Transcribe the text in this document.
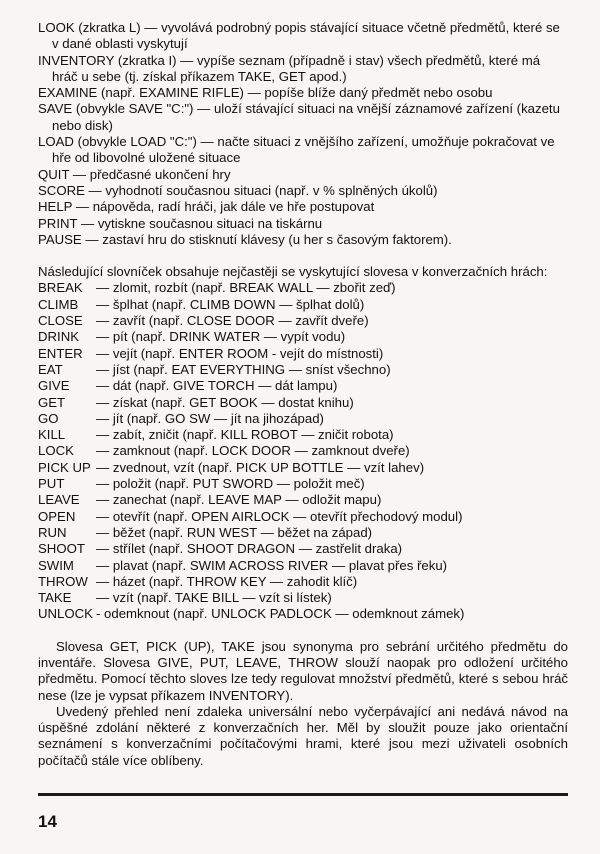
LOOK (zkratka L) — vyvolává podrobný popis stávající situace včetně předmětů, které se v dané oblasti vyskytují
INVENTORY (zkratka I) — vypíše seznam (případně i stav) všech předmětů, které má hráč u sebe (tj. získal příkazem TAKE, GET apod.)
EXAMINE (např. EXAMINE RIFLE) — popíše blíže daný předmět nebo osobu
SAVE (obvykle SAVE "C:") — uloží stávající situaci na vnější záznamové zařízení (kazetu nebo disk)
LOAD (obvykle LOAD "C:") — načte situaci z vnějšího zařízení, umožňuje pokračovat ve hře od libovolné uložené situace
QUIT — předčasné ukončení hry
SCORE — vyhodnotí současnou situaci (např. v % splněných úkolů)
HELP — nápověda, radí hráči, jak dále ve hře postupovat
PRINT — vytiskne současnou situaci na tiskárnu
PAUSE — zastaví hru do stisknutí klávesy (u her s časovým faktorem).
Následující slovníček obsahuje nejčastěji se vyskytující slovesa v konverzačních hrách:
BREAK	— zlomit, rozbít (např. BREAK WALL — zbořit zeď)
CLIMB	— šplhat (např. CLIMB DOWN — šplhat dolů)
CLOSE	— zavřít (např. CLOSE DOOR — zavřít dveře)
DRINK	— pít (např. DRINK WATER — vypít vodu)
ENTER	— vejít (např. ENTER ROOM - vejít do místnosti)
EAT	— jíst (např. EAT EVERYTHING — sníst všechno)
GIVE	— dát (např. GIVE TORCH — dát lampu)
GET	— získat (např. GET BOOK — dostat knihu)
GO	— jít (např. GO SW — jít na jihozápad)
KILL	— zabít, zničit (např. KILL ROBOT — zničit robota)
LOCK	— zamknout (např. LOCK DOOR — zamknout dveře)
PICK UP — zvednout, vzít (např. PICK UP BOTTLE — vzít lahev)
PUT	— položit (např. PUT SWORD — položit meč)
LEAVE	— zanechat (např. LEAVE MAP — odložit mapu)
OPEN	— otevřít (např. OPEN AIRLOCK — otevřít přechodový modul)
RUN	— běžet (např. RUN WEST — běžet na západ)
SHOOT — střílet (např. SHOOT DRAGON — zastřelit draka)
SWIM	— plavat (např. SWIM ACROSS RIVER — plavat přes řeku)
THROW — házet (např. THROW KEY — zahodit klíč)
TAKE	— vzít (např. TAKE BILL — vzít si lístek)
UNLOCK - odemknout (např. UNLOCK PADLOCK — odemknout zámek)
Slovesa GET, PICK (UP), TAKE jsou synonyma pro sebrání určitého předmětu do inventáře. Slovesa GIVE, PUT, LEAVE, THROW slouží naopak pro odložení určitého předmětu. Pomocí těchto sloves lze tedy regulovat množství předmětů, které s sebou hráč nese (lze je vypsat příkazem INVENTORY).
Uvedený přehled není zdaleka universální nebo vyčerpávající ani nedává návod na úspěšné zdolání některé z konverzačních her. Měl by sloužit pouze jako orientační seznámení s konverzačními počítačovými hrami, které jsou mezi uživateli osobních počítačů stále více oblíbeny.
14
